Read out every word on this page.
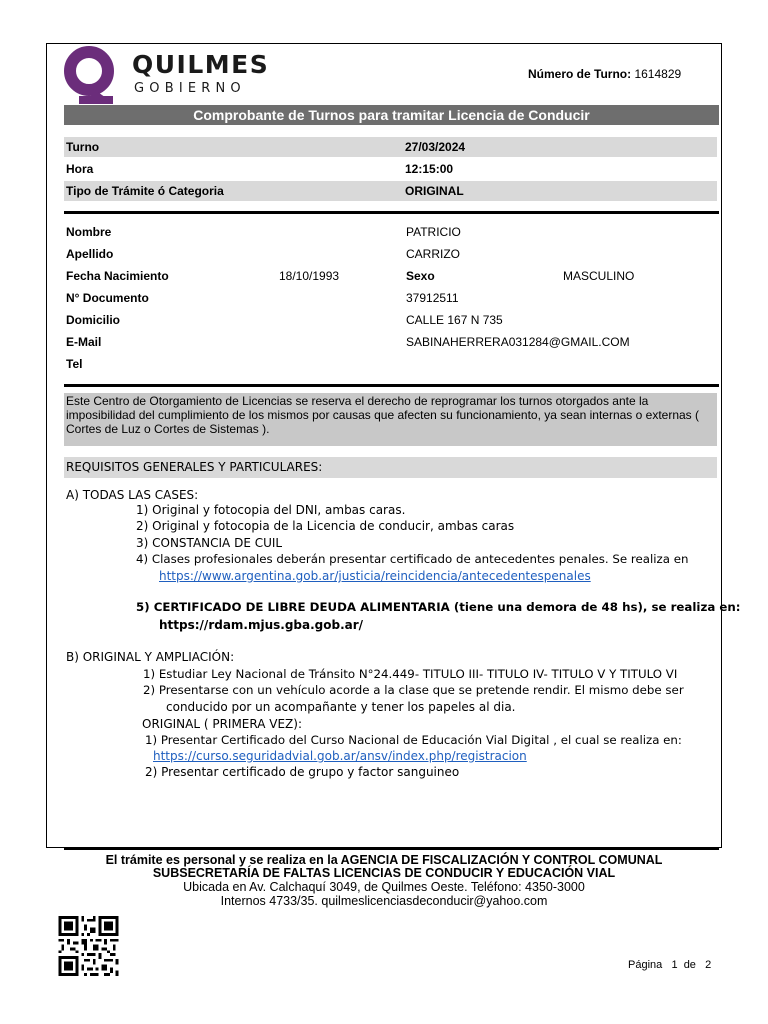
QUILMES
GOBIERNO
Número de Turno: 1614829
Comprobante de Turnos para tramitar Licencia de Conducir
Turno	27/03/2024
Hora	12:15:00
Tipo de Trámite ó Categoria	ORIGINAL
Nombre	PATRICIO
Apellido	CARRIZO
Fecha Nacimiento	18/10/1993	Sexo	MASCULINO
N° Documento	37912511
Domicilio	CALLE 167 N 735
E-Mail	SABINAHERRERA031284@GMAIL.COM
Tel
Este Centro de Otorgamiento de Licencias se reserva el derecho de reprogramar los turnos otorgados ante la imposibilidad del cumplimiento de los mismos por causas que afecten su funcionamiento, ya sean internas o externas ( Cortes de Luz o Cortes de Sistemas ).
REQUISITOS GENERALES Y PARTICULARES:
A) TODAS LAS CASES:
1) Original y fotocopia del DNI, ambas caras.
2) Original y fotocopia de la Licencia de conducir, ambas caras
3) CONSTANCIA DE CUIL
4) Clases profesionales deberán presentar certificado de antecedentes penales. Se realiza en
https://www.argentina.gob.ar/justicia/reincidencia/antecedentespenales
5) CERTIFICADO DE LIBRE DEUDA ALIMENTARIA (tiene una demora de 48 hs), se realiza en:
https://rdam.mjus.gba.gob.ar/
B) ORIGINAL Y AMPLIACIÓN:
1) Estudiar Ley Nacional de Tránsito N°24.449- TITULO III- TITULO IV- TITULO V Y TITULO VI
2) Presentarse con un vehículo acorde a la clase que se pretende rendir. El mismo debe ser
conducido por un acompañante y tener los papeles al dia.
ORIGINAL ( PRIMERA VEZ):
1) Presentar Certificado del Curso Nacional de Educación Vial Digital , el cual se realiza en:
https://curso.seguridadvial.gob.ar/ansv/index.php/registracion
2) Presentar certificado de grupo y factor sanguineo
El trámite es personal y se realiza en la AGENCIA DE FISCALIZACIÓN Y CONTROL COMUNAL
SUBSECRETARÍA DE FALTAS LICENCIAS DE CONDUCIR Y EDUCACIÓN VIAL
Ubicada en Av. Calchaquí 3049, de Quilmes Oeste. Teléfono: 4350-3000
Internos 4733/35. quilmeslicenciasdeconducir@yahoo.com
Página 1 de 2
